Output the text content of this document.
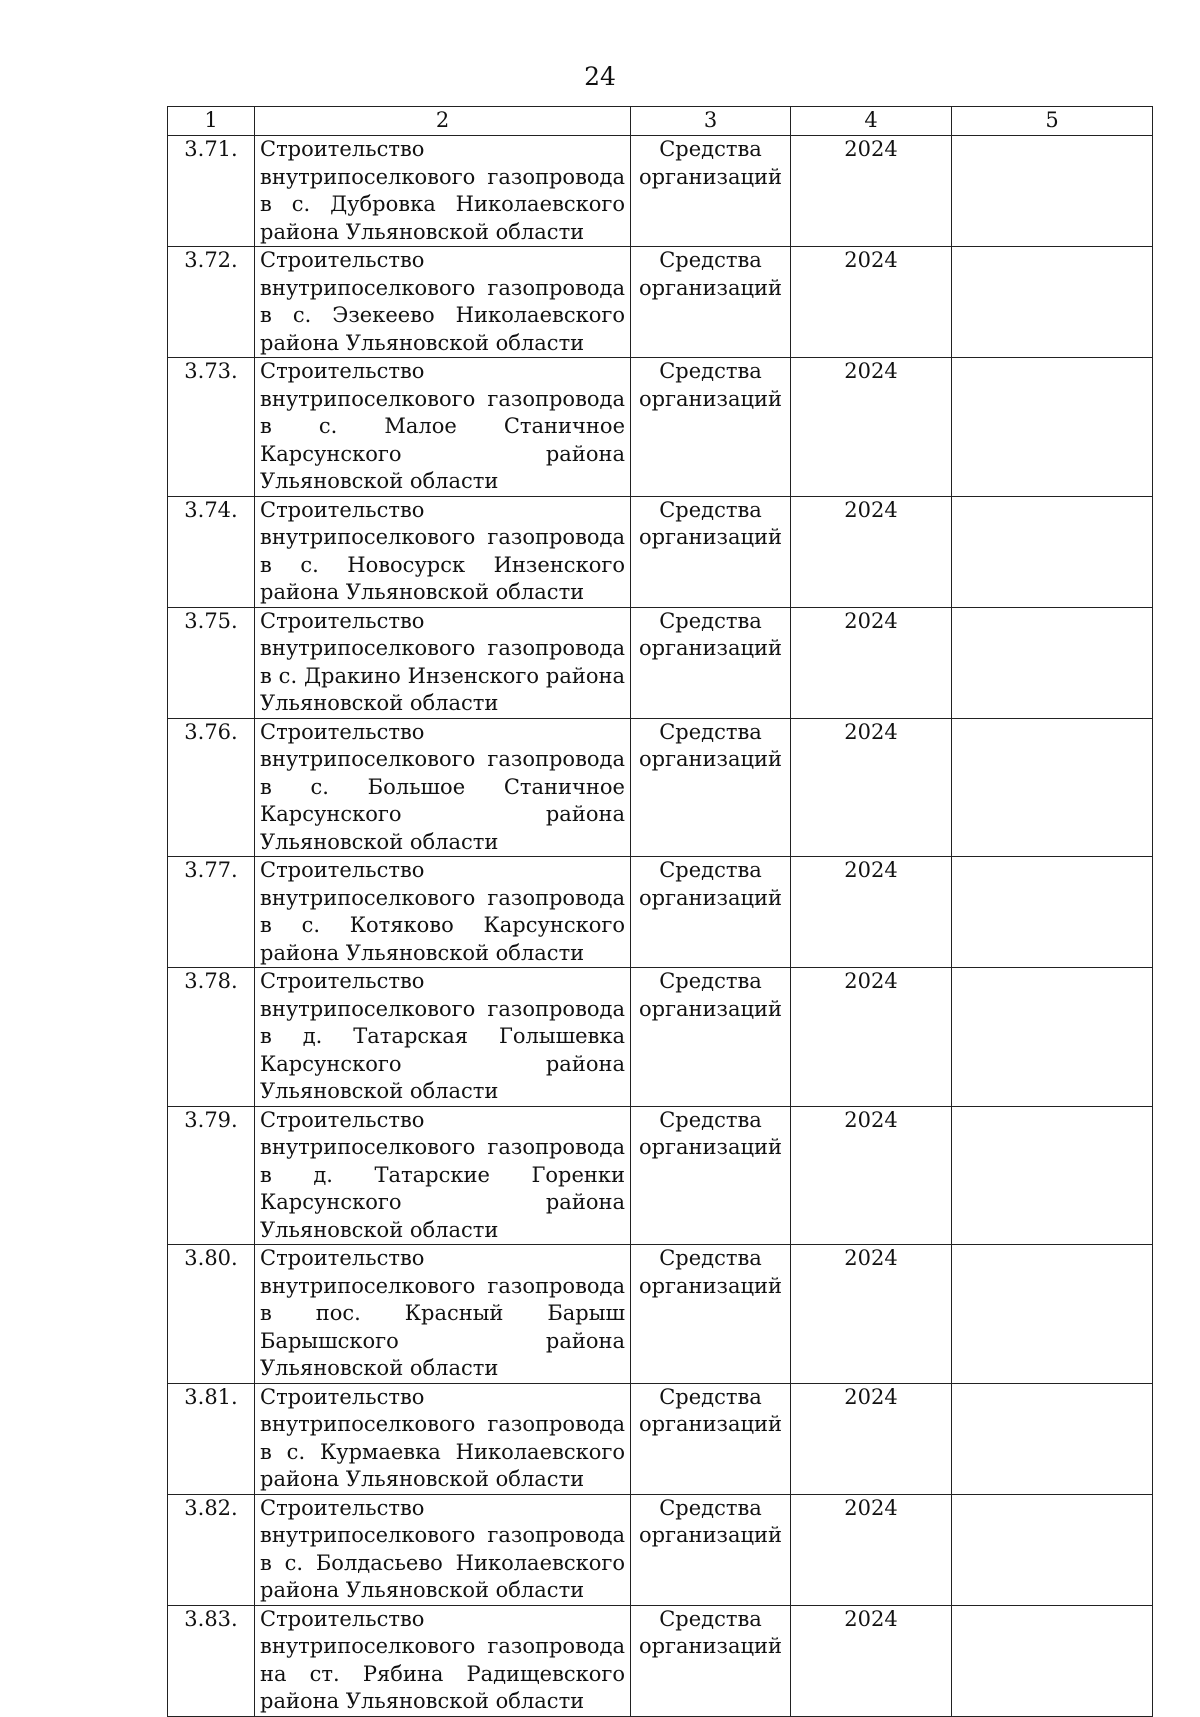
24
1	2	3	4	5
3.71.	Строительство внутрипоселкового газопровода в с. Дубровка Николаевского района Ульяновской области	Средства организаций	2024	
3.72.	Строительство внутрипоселкового газопровода в с. Эзекеево Николаевского района Ульяновской области	Средства организаций	2024	
3.73.	Строительство внутрипоселкового газопровода в с. Малое Станичное Карсунского района Ульяновской области	Средства организаций	2024	
3.74.	Строительство внутрипоселкового газопровода в с. Новосурск Инзенского района Ульяновской области	Средства организаций	2024	
3.75.	Строительство внутрипоселкового газопровода в с. Дракино Инзенского района Ульяновской области	Средства организаций	2024	
3.76.	Строительство внутрипоселкового газопровода в с. Большое Станичное Карсунского района Ульяновской области	Средства организаций	2024	
3.77.	Строительство внутрипоселкового газопровода в с. Котяково Карсунского района Ульяновской области	Средства организаций	2024	
3.78.	Строительство внутрипоселкового газопровода в д. Татарская Голышевка Карсунского района Ульяновской области	Средства организаций	2024	
3.79.	Строительство внутрипоселкового газопровода в д. Татарские Горенки Карсунского района Ульяновской области	Средства организаций	2024	
3.80.	Строительство внутрипоселкового газопровода в пос. Красный Барыш Барышского района Ульяновской области	Средства организаций	2024	
3.81.	Строительство внутрипоселкового газопровода в с. Курмаевка Николаевского района Ульяновской области	Средства организаций	2024	
3.82.	Строительство внутрипоселкового газопровода в с. Болдасьево Николаевского района Ульяновской области	Средства организаций	2024	
3.83.	Строительство внутрипоселкового газопровода на ст. Рябина Радищевского района Ульяновской области	Средства организаций	2024	
